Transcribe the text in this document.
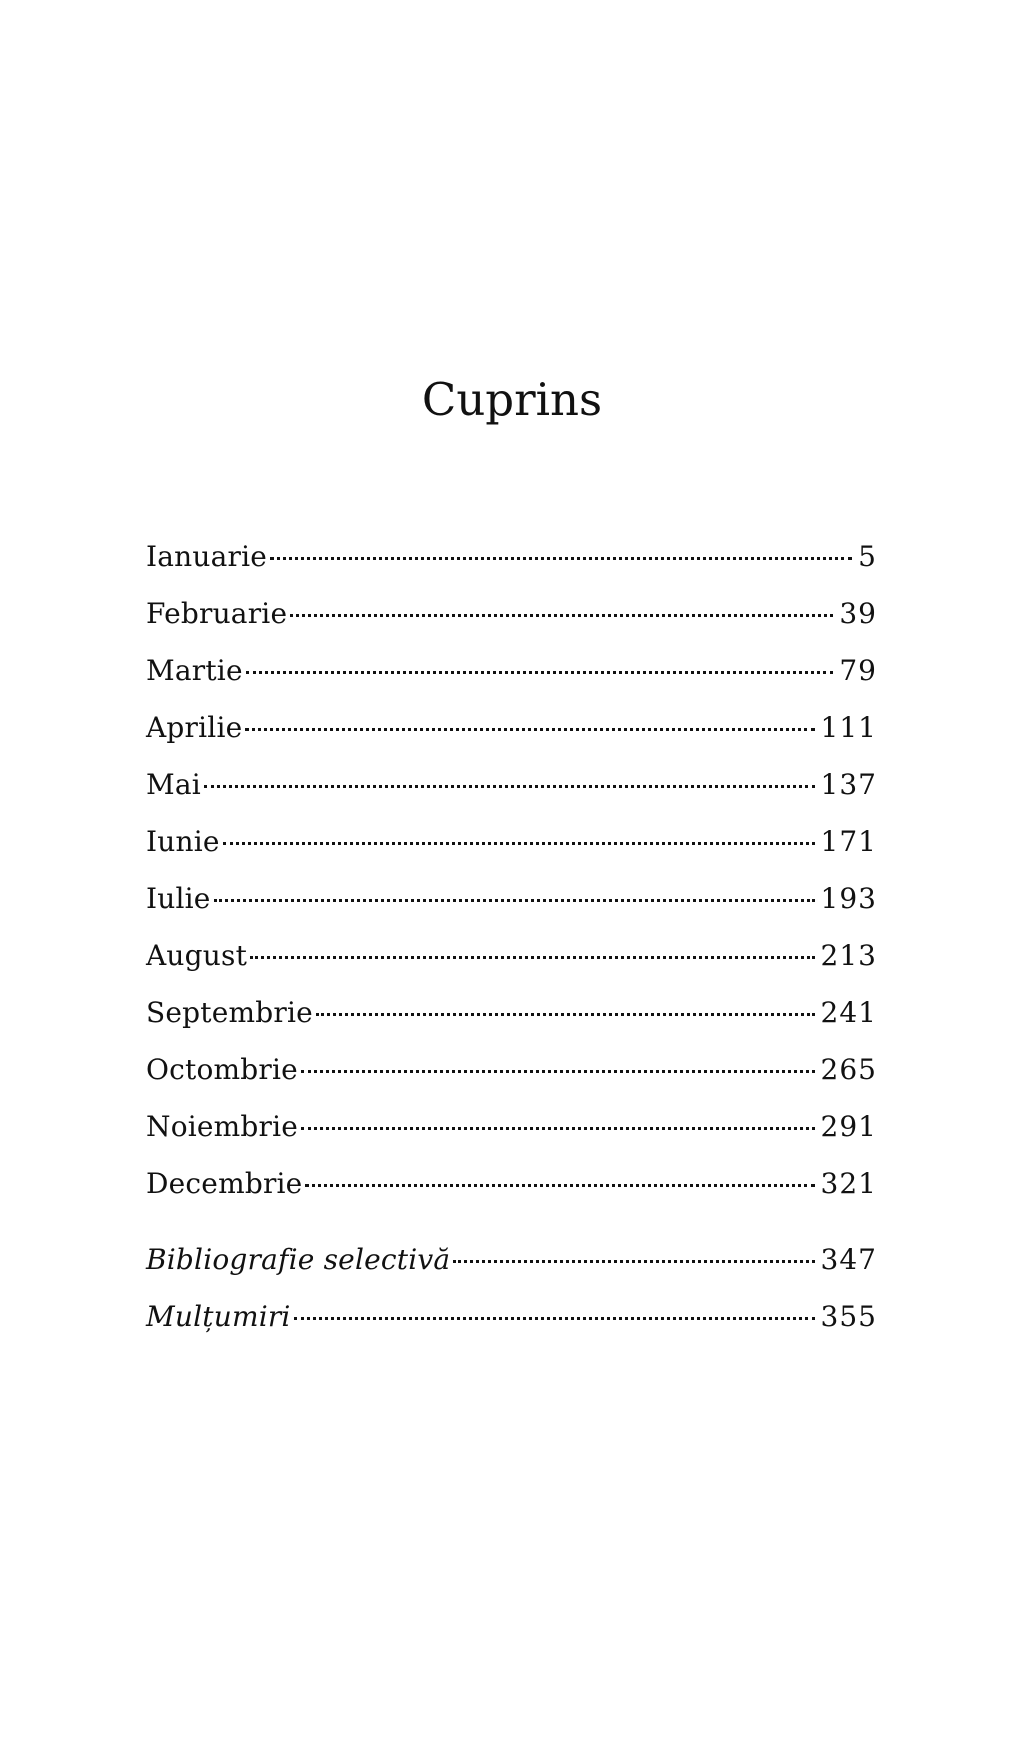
Cuprins
Ianuarie	5
Februarie	39
Martie	79
Aprilie	111
Mai	137
Iunie	171
Iulie	193
August	213
Septembrie	241
Octombrie	265
Noiembrie	291
Decembrie	321
Bibliografie selectivă	347
Mulțumiri	355
